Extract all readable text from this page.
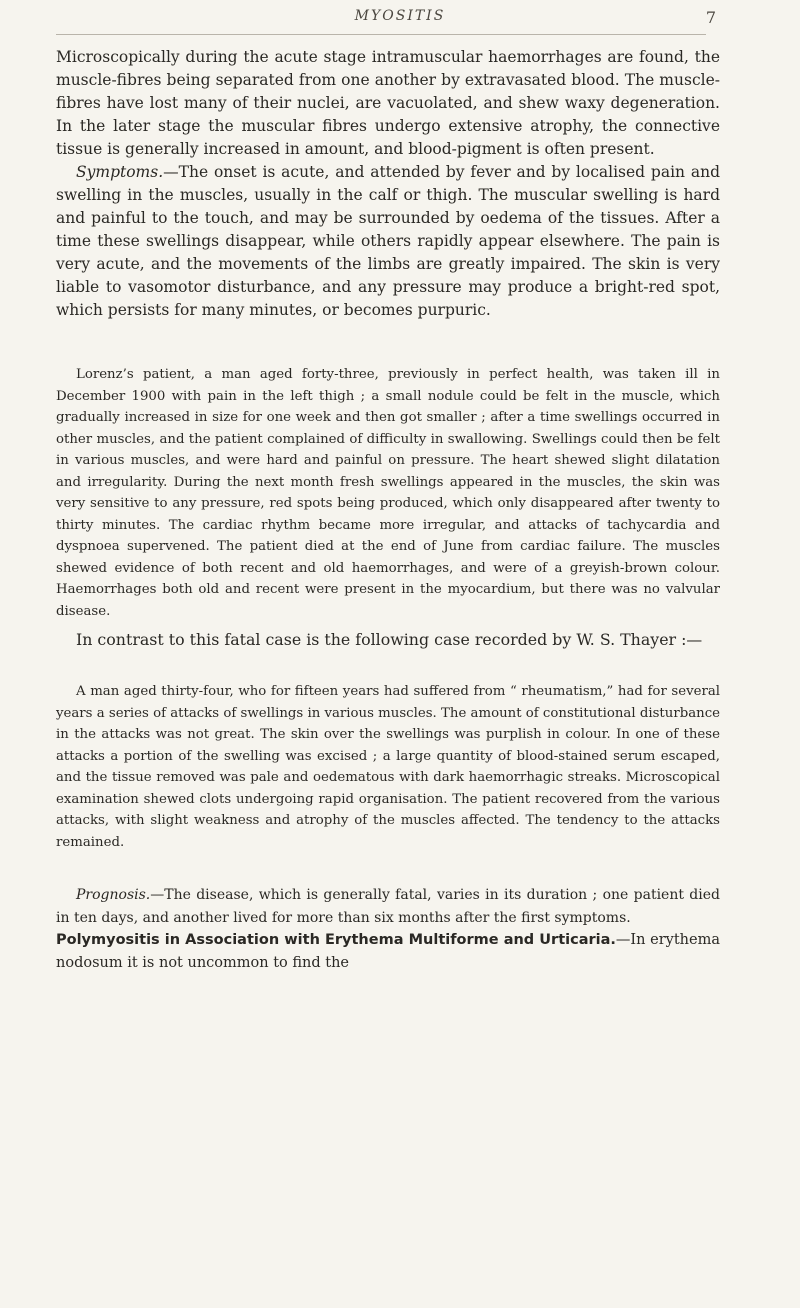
MYOSITIS	7

Microscopically during the acute stage intramuscular haemorrhages are found, the muscle-fibres being separated from one another by extravasated blood. The muscle-fibres have lost many of their nuclei, are vacuolated, and shew waxy degeneration. In the later stage the muscular fibres undergo extensive atrophy, the connective tissue is generally increased in amount, and blood-pigment is often present.

Symptoms.—The onset is acute, and attended by fever and by localised pain and swelling in the muscles, usually in the calf or thigh. The muscular swelling is hard and painful to the touch, and may be surrounded by oedema of the tissues. After a time these swellings disappear, while others rapidly appear elsewhere. The pain is very acute, and the movements of the limbs are greatly impaired. The skin is very liable to vasomotor disturbance, and any pressure may produce a bright-red spot, which persists for many minutes, or becomes purpuric.

Lorenz’s patient, a man aged forty-three, previously in perfect health, was taken ill in December 1900 with pain in the left thigh ; a small nodule could be felt in the muscle, which gradually increased in size for one week and then got smaller ; after a time swellings occurred in other muscles, and the patient complained of difficulty in swallowing. Swellings could then be felt in various muscles, and were hard and painful on pressure. The heart shewed slight dilatation and irregularity. During the next month fresh swellings appeared in the muscles, the skin was very sensitive to any pressure, red spots being produced, which only disappeared after twenty to thirty minutes. The cardiac rhythm became more irregular, and attacks of tachycardia and dyspnoea supervened. The patient died at the end of June from cardiac failure. The muscles shewed evidence of both recent and old haemorrhages, and were of a greyish-brown colour. Haemorrhages both old and recent were present in the myocardium, but there was no valvular disease.

In contrast to this fatal case is the following case recorded by W. S. Thayer :—

A man aged thirty-four, who for fifteen years had suffered from “ rheumatism,” had for several years a series of attacks of swellings in various muscles. The amount of constitutional disturbance in the attacks was not great. The skin over the swellings was purplish in colour. In one of these attacks a portion of the swelling was excised ; a large quantity of blood-stained serum escaped, and the tissue removed was pale and oedematous with dark haemorrhagic streaks. Microscopical examination shewed clots undergoing rapid organisation. The patient recovered from the various attacks, with slight weakness and atrophy of the muscles affected. The tendency to the attacks remained.

Prognosis.—The disease, which is generally fatal, varies in its duration ; one patient died in ten days, and another lived for more than six months after the first symptoms.

Polymyositis in Association with Erythema Multiforme and Urticaria.—In erythema nodosum it is not uncommon to find the
